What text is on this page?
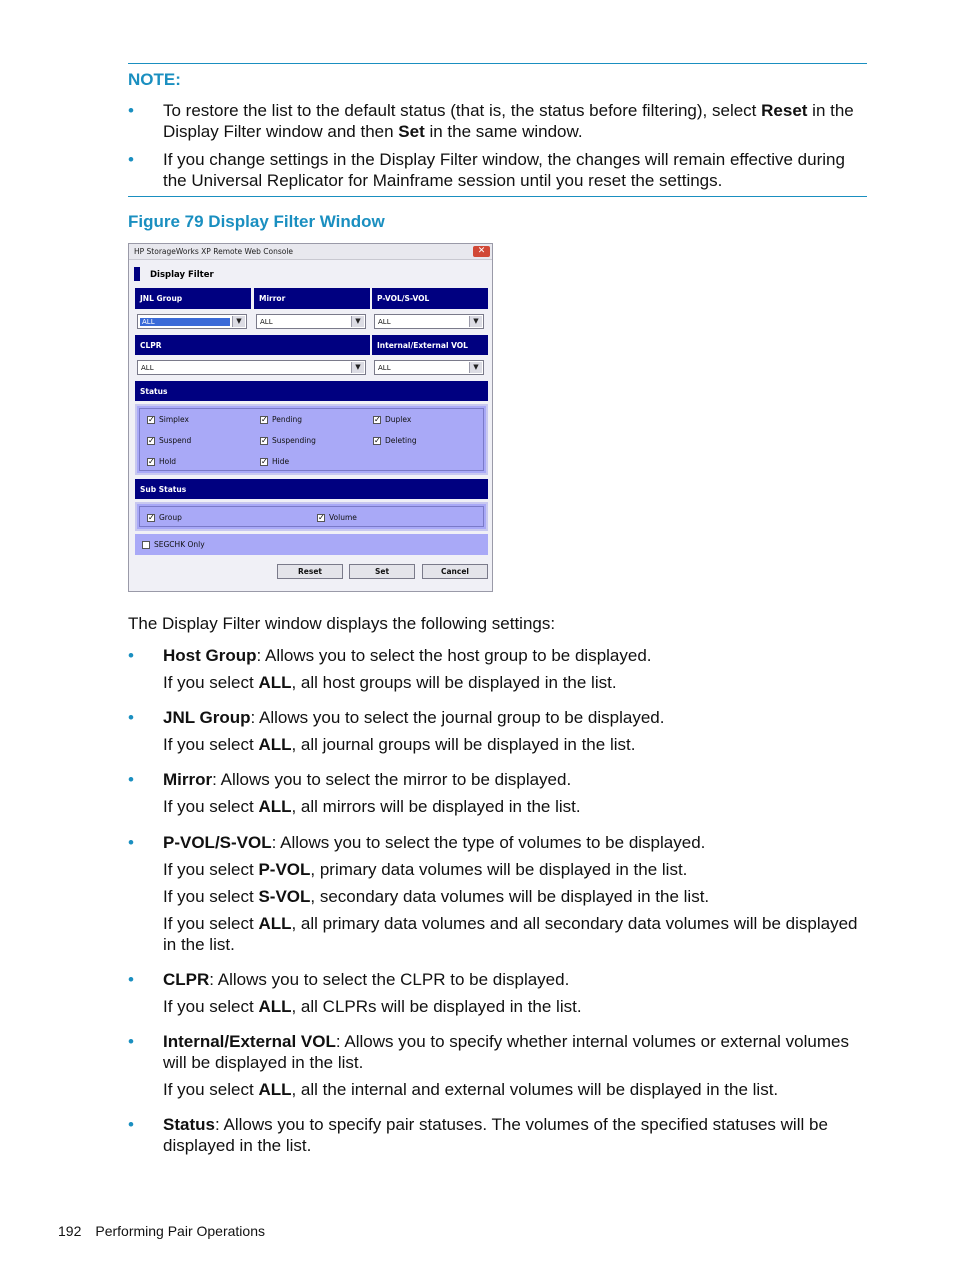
NOTE:
• To restore the list to the default status (that is, the status before filtering), select Reset in the Display Filter window and then Set in the same window.
• If you change settings in the Display Filter window, the changes will remain effective during the Universal Replicator for Mainframe session until you reset the settings.
Figure 79 Display Filter Window
HP StorageWorks XP Remote Web Console	✕
Display Filter
JNL Group	Mirror	P-VOL/S-VOL
ALL	▼	ALL	▼	ALL	▼
CLPR	Internal/External VOL
ALL	▼	ALL	▼
Status
✓ Simplex	✓ Pending	✓ Duplex
✓ Suspend	✓ Suspending	✓ Deleting
✓ Hold	✓ Hide
Sub Status
✓ Group	✓ Volume
SEGCHK Only
Reset	Set	Cancel
The Display Filter window displays the following settings:
•	Host Group: Allows you to select the host group to be displayed.

If you select ALL, all host groups will be displayed in the list.

•	JNL Group: Allows you to select the journal group to be displayed.

If you select ALL, all journal groups will be displayed in the list.

•	Mirror: Allows you to select the mirror to be displayed.

If you select ALL, all mirrors will be displayed in the list.

•	P-VOL/S-VOL: Allows you to select the type of volumes to be displayed.

If you select P-VOL, primary data volumes will be displayed in the list.

If you select S-VOL, secondary data volumes will be displayed in the list.

If you select ALL, all primary data volumes and all secondary data volumes will be displayed in the list.

•	CLPR: Allows you to select the CLPR to be displayed.

If you select ALL, all CLPRs will be displayed in the list.

•	Internal/External VOL: Allows you to specify whether internal volumes or external volumes will be displayed in the list.

If you select ALL, all the internal and external volumes will be displayed in the list.

•	Status: Allows you to specify pair statuses. The volumes of the specified statuses will be displayed in the list.

192 Performing Pair Operations
